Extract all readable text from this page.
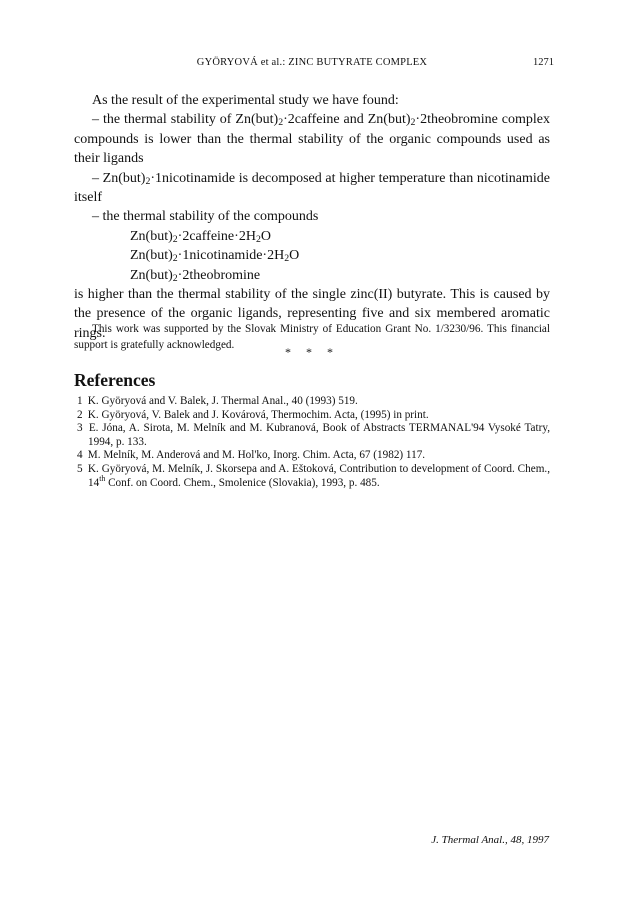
GYÖRYOVÁ et al.: ZINC BUTYRATE COMPLEX	1271

As the result of the experimental study we have found:

– the thermal stability of $Zn(but)_2\cdot 2caffeine$ and $Zn(but)_2\cdot 2theobromine$ complex compounds is lower than the thermal stability of the organic compounds used as their ligands

– $Zn(but)_2\cdot 1nicotinamide$ is decomposed at higher temperature than nicotinamide itself

– the thermal stability of the compounds

$Zn(but)_2\cdot 2caffeine\cdot 2H_2O$

$Zn(but)_2\cdot 1nicotinamide\cdot 2H_2O$

$Zn(but)_2\cdot 2theobromine$

is higher than the thermal stability of the single zinc(II) butyrate. This is caused by the presence of the organic ligands, representing five and six membered aromatic rings.

* * *

This work was supported by the Slovak Ministry of Education Grant No. 1/3230/96. This financial support is gratefully acknowledged.

References
1 K. Györyová and V. Balek, J. Thermal Anal., 40 (1993) 519.
2 K. Györyová, V. Balek and J. Kovárová, Thermochim. Acta, (1995) in print.
3 E. Jóna, A. Sirota, M. Melník and M. Kubranová, Book of Abstracts TERMANAL'94 Vysoké Tatry, 1994, p. 133.
4 M. Melník, M. Anderová and M. Hol'ko, Inorg. Chim. Acta, 67 (1982) 117.
5 K. Györyová, M. Melník, J. Skorsepa and A. Eštoková, Contribution to development of Coord. Chem., 14th Conf. on Coord. Chem., Smolenice (Slovakia), 1993, p. 485.
J. Thermal Anal., 48, 1997
